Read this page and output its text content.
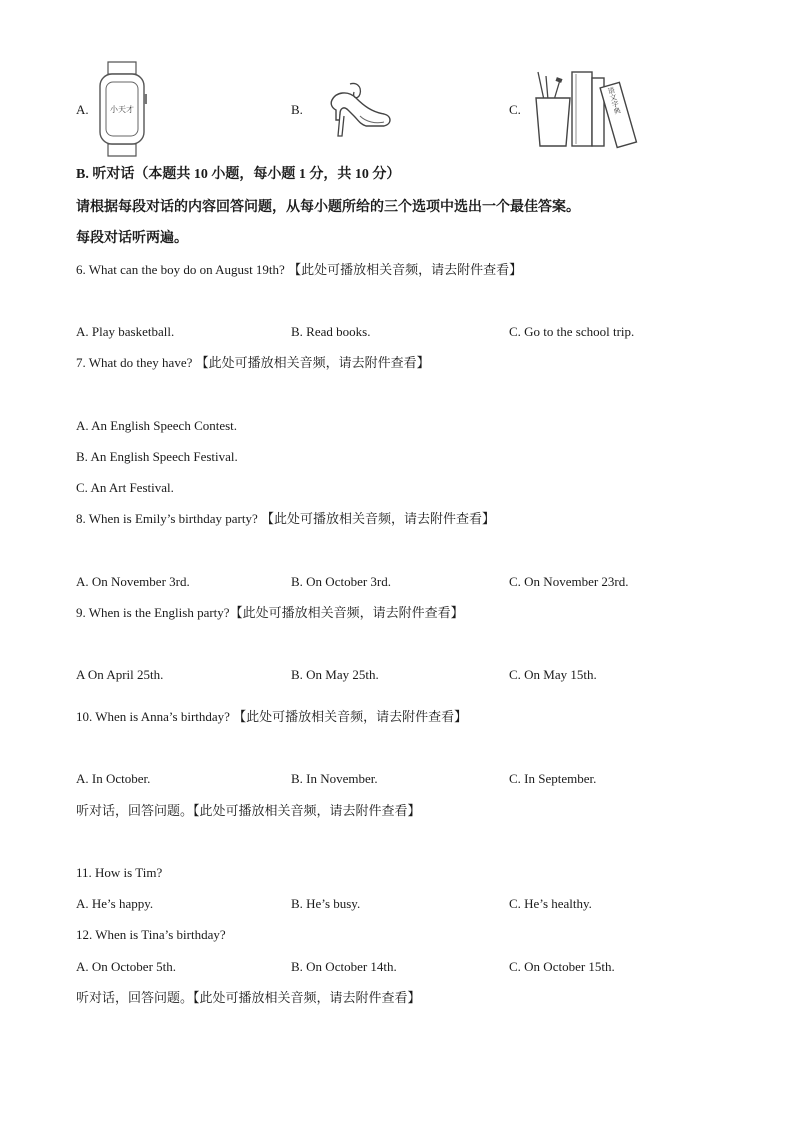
A.	小天才	B.	C.	语文字典
B. 听对话（本题共 10 小题，每小题 1 分，共 10 分）
请根据每段对话的内容回答问题，从每小题所给的三个选项中选出一个最佳答案。
每段对话听两遍。
6. What can the boy do on August 19th? 【此处可播放相关音频，请去附件查看】
A. Play basketball.	B. Read books.	C. Go to the school trip.
7. What do they have? 【此处可播放相关音频，请去附件查看】
A. An English Speech Contest.
B. An English Speech Festival.
C. An Art Festival.
8. When is Emily’s birthday party? 【此处可播放相关音频，请去附件查看】
A. On November 3rd.	B. On October 3rd.	C. On November 23rd.
9. When is the English party?【此处可播放相关音频，请去附件查看】
A On April 25th.	B. On May 25th.	C. On May 15th.
10. When is Anna’s birthday? 【此处可播放相关音频，请去附件查看】
A. In October.	B. In November.	C. In September.
听对话，回答问题。【此处可播放相关音频，请去附件查看】
11. How is Tim?
A. He’s happy.	B. He’s busy.	C. He’s healthy.
12. When is Tina’s birthday?
A. On October 5th.	B. On October 14th.	C. On October 15th.
听对话，回答问题。【此处可播放相关音频，请去附件查看】
